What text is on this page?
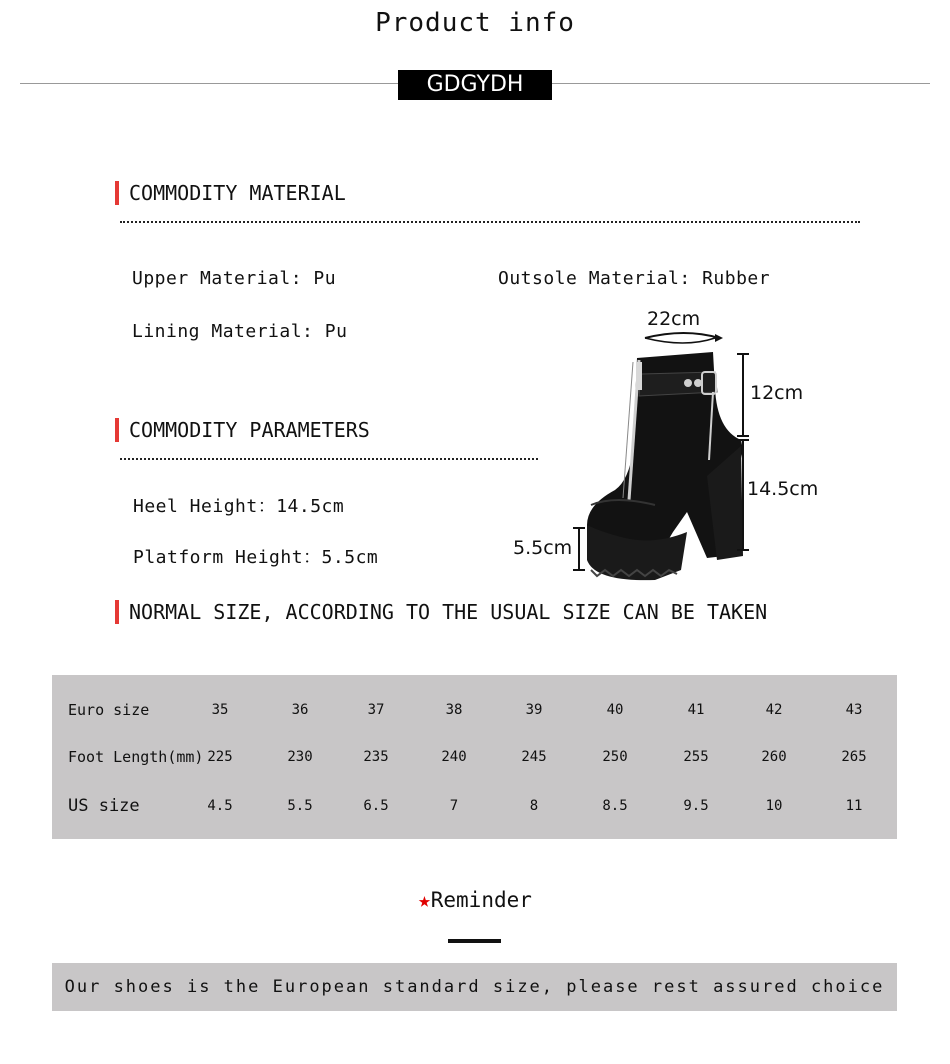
Product info
GDGYDH
COMMODITY MATERIAL
Upper Material: Pu	Outsole Material: Rubber
Lining Material: Pu
COMMODITY PARAMETERS
Heel Height：14.5cm
Platform Height：5.5cm
22cm
12cm
14.5cm
5.5cm
NORMAL SIZE, ACCORDING TO THE USUAL SIZE CAN BE TAKEN
Euro size	35	36	37	38	39	40	41	42	43
Foot Length(mm) 225	230	235	240	245	250	255	260	265
US size	4.5	5.5	6.5	7	8	8.5	9.5	10	11
★Reminder
Our shoes is the European standard size, please rest assured choice
